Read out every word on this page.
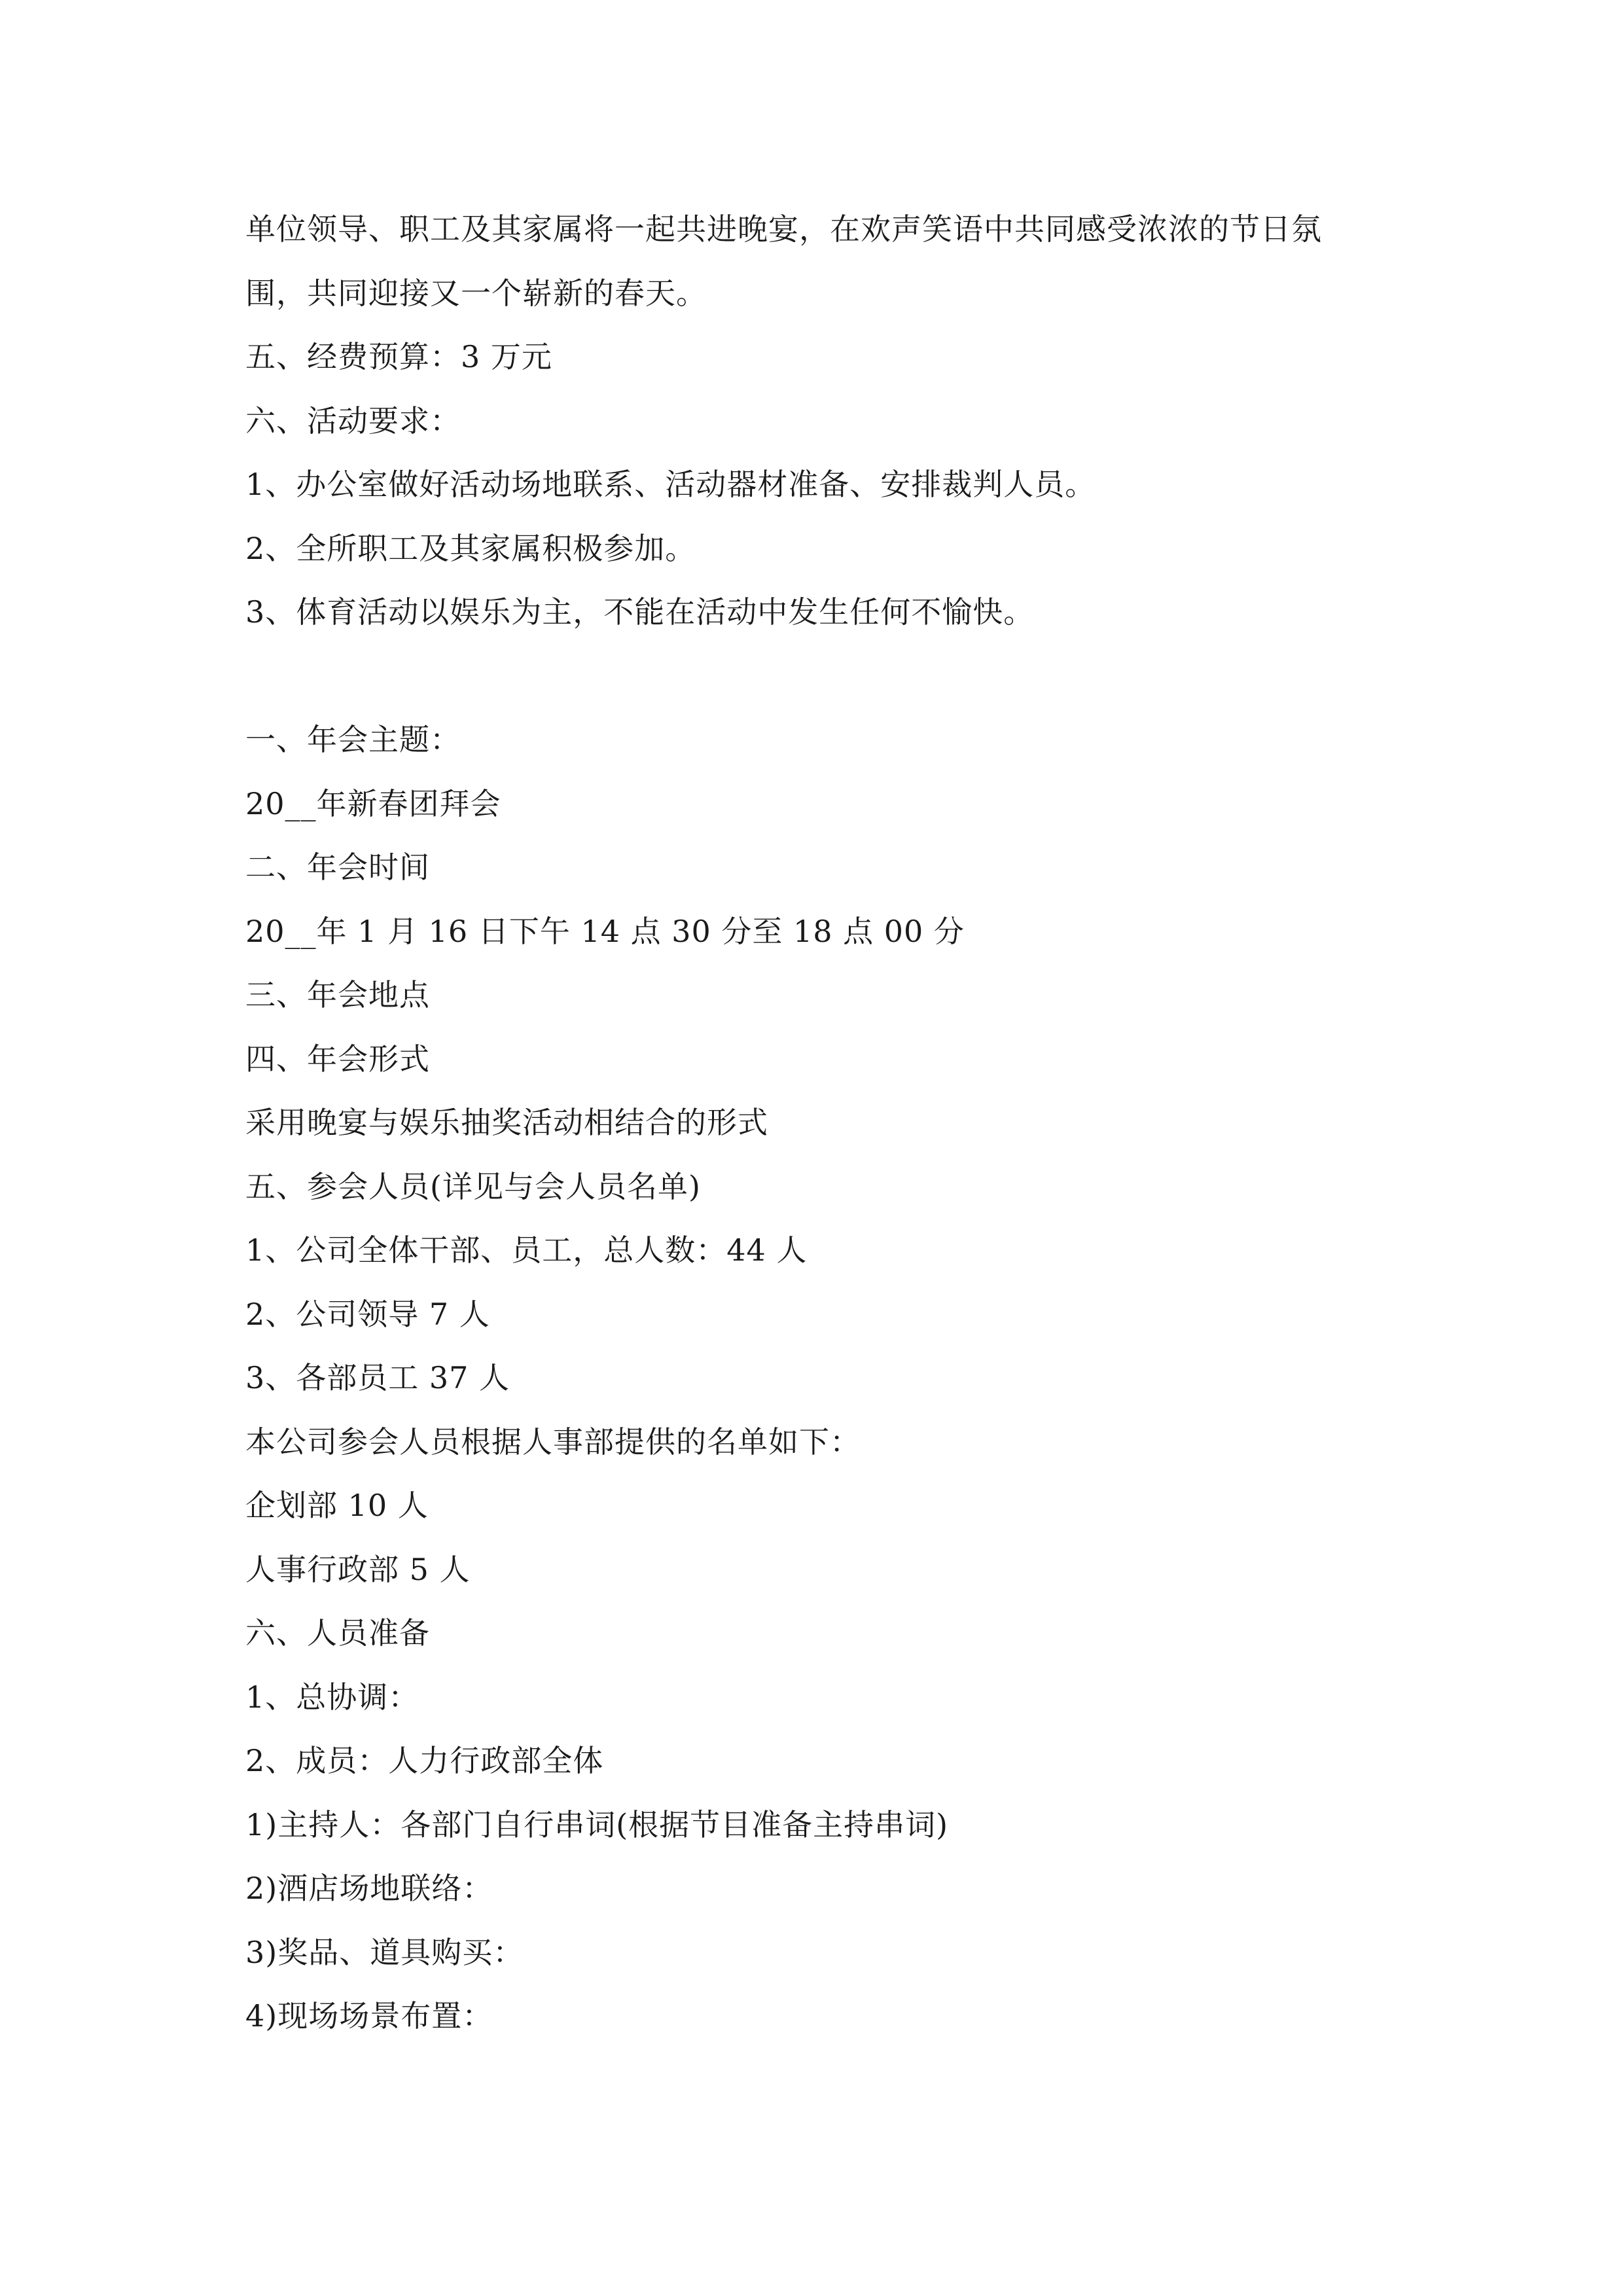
单位领导、职工及其家属将一起共进晚宴，在欢声笑语中共同感受浓浓的节日氛
围，共同迎接又一个崭新的春天。
五、经费预算：3 万元
六、活动要求：
1、办公室做好活动场地联系、活动器材准备、安排裁判人员。
2、全所职工及其家属积极参加。
3、体育活动以娱乐为主，不能在活动中发生任何不愉快。
一、年会主题：
20__年新春团拜会
二、年会时间
20__年 1 月 16 日下午 14 点 30 分至 18 点 00 分
三、年会地点
四、年会形式
采用晚宴与娱乐抽奖活动相结合的形式
五、参会人员(详见与会人员名单)
1、公司全体干部、员工，总人数：44 人
2、公司领导 7 人
3、各部员工 37 人
本公司参会人员根据人事部提供的名单如下：
企划部 10 人
人事行政部 5 人
六、人员准备
1、总协调：
2、成员：人力行政部全体
1)主持人：各部门自行串词(根据节目准备主持串词)
2)酒店场地联络：
3)奖品、道具购买：
4)现场场景布置：
